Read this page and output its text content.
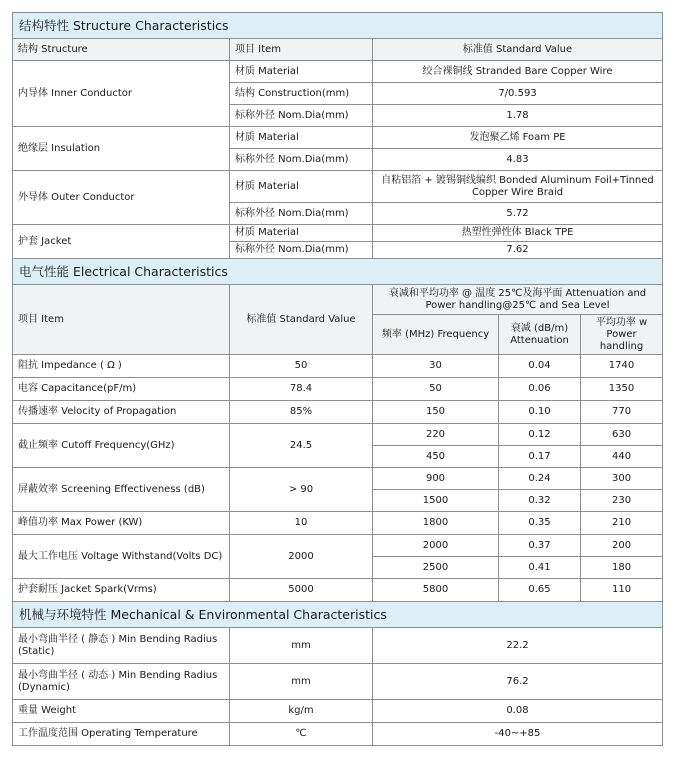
结构特性 Structure Characteristics				
结构 Structure	项目 Item	标准值 Standard Value		
内导体 Inner Conductor	材质 Material	绞合裸铜线 Stranded Bare Copper Wire		
	结构 Construction(mm)	7/0.593		
	标称外径 Nom.Dia(mm)	1.78		
绝缘层 Insulation	材质 Material	发泡聚乙烯 Foam PE		
	标称外径 Nom.Dia(mm)	4.83		
外导体 Outer Conductor	材质 Material	自粘铝箔 + 镀锡铜线编织 Bonded Aluminum Foil+Tinned Copper Wire Braid		
	标称外径 Nom.Dia(mm)	5.72		
护套 Jacket	材质 Material	热塑性弹性体 Black TPE		
	标称外径 Nom.Dia(mm)	7.62		
电气性能 Electrical Characteristics				
项目 Item	标准值 Standard Value	衰减和平均功率 @ 温度 25℃及海平面 Attenuation and Power handling@25℃ and Sea Level		
		频率 (MHz) Frequency	衰减 (dB/m) Attenuation	平均功率 w Power handling
阻抗 Impedance ( Ω )	50	30	0.04	1740
电容 Capacitance(pF/m)	78.4	50	0.06	1350
传播速率 Velocity of Propagation	85%	150	0.10	770
截止频率 Cutoff Frequency(GHz)	24.5	220	0.12	630
		450	0.17	440
屏蔽效率 Screening Effectiveness (dB)	> 90	900	0.24	300
		1500	0.32	230
峰值功率 Max Power (KW)	10	1800	0.35	210
最大工作电压 Voltage Withstand(Volts DC)	2000	2000	0.37	200
		2500	0.41	180
护套耐压 Jacket Spark(Vrms)	5000	5800	0.65	110
机械与环境特性 Mechanical & Environmental Characteristics				
最小弯曲半径 ( 静态 ) Min Bending Radius (Static)	mm	22.2		
最小弯曲半径 ( 动态 ) Min Bending Radius (Dynamic)	mm	76.2		
重量 Weight	kg/m	0.08		
工作温度范围 Operating Temperature	℃	-40~+85		
